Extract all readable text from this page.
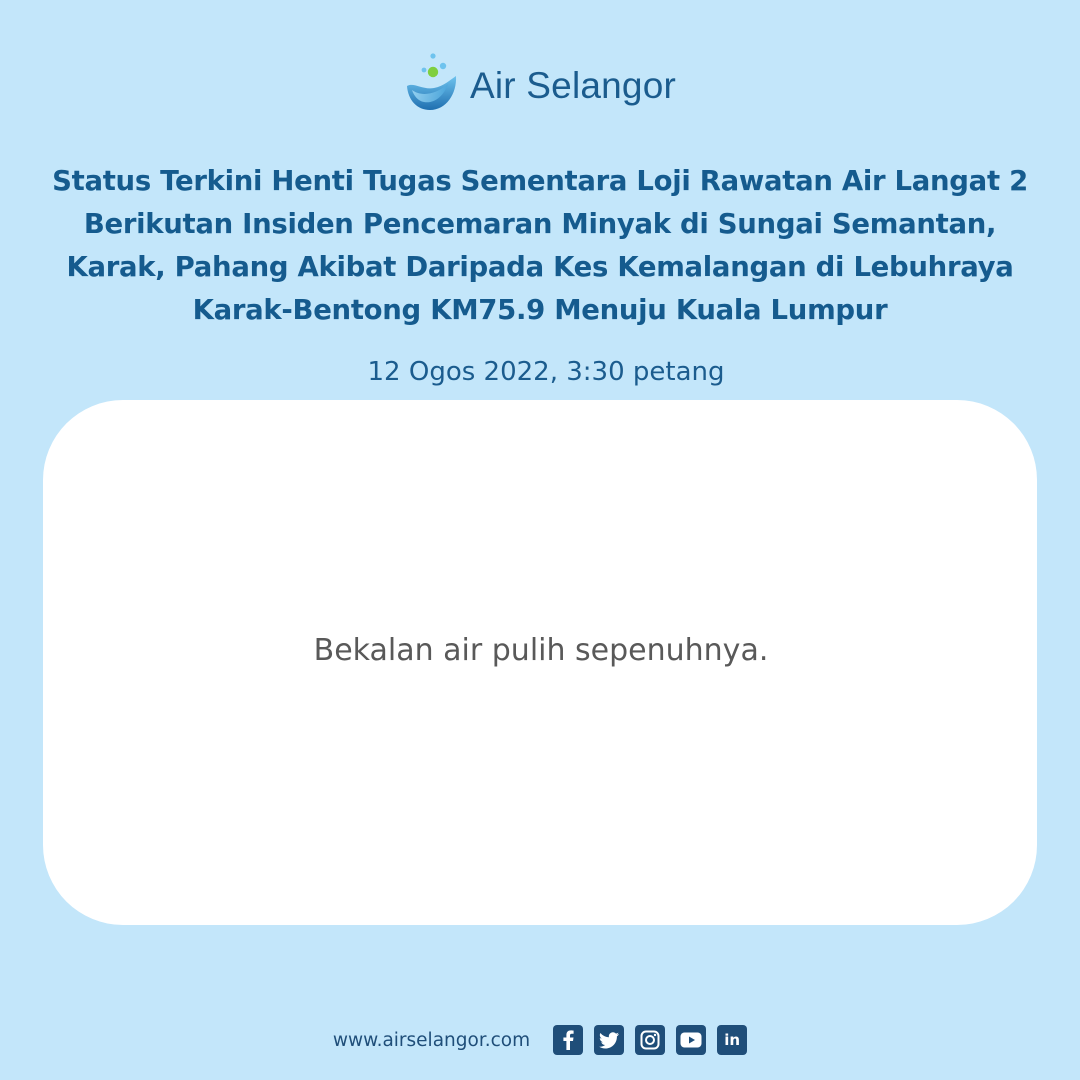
Air Selangor
Status Terkini Henti Tugas Sementara Loji Rawatan Air Langat 2 Berikutan Insiden Pencemaran Minyak di Sungai Semantan, Karak, Pahang Akibat Daripada Kes Kemalangan di Lebuhraya Karak-Bentong KM75.9 Menuju Kuala Lumpur
12 Ogos 2022, 3:30 petang

Bekalan air pulih sepenuhnya.

www.airselangor.com	in
